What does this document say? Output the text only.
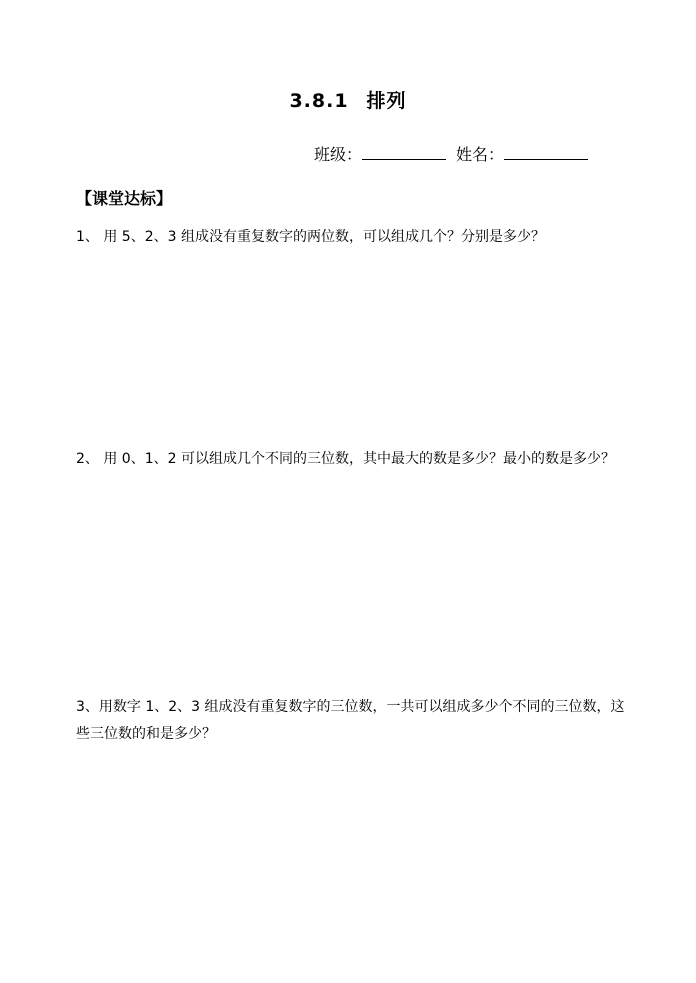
3.8.1 排列
班级：	姓名：
【课堂达标】
1、 用 5、2、3 组成没有重复数字的两位数，可以组成几个？分别是多少？
2、 用 0、1、2 可以组成几个不同的三位数，其中最大的数是多少？最小的数是多少？
3、用数字 1、2、3 组成没有重复数字的三位数，一共可以组成多少个不同的三位数，这些三位数的和是多少？
